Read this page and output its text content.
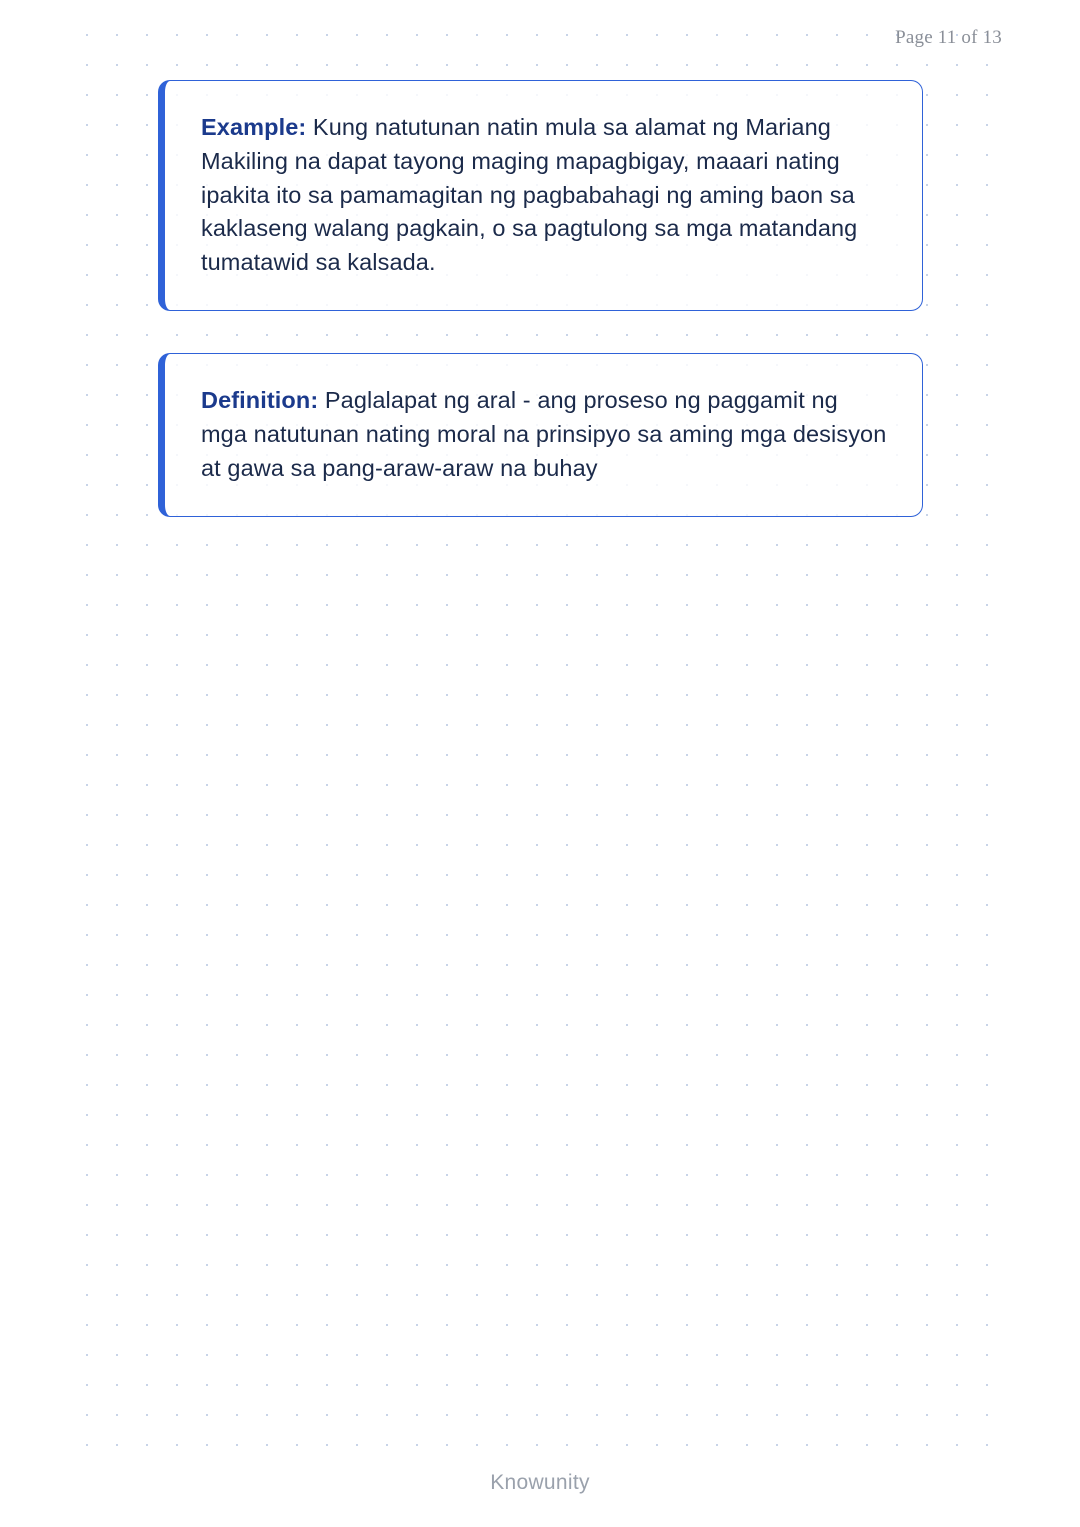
Page 11 of 13

Example: Kung natutunan natin mula sa alamat ng Mariang Makiling na dapat tayong maging mapagbigay, maaari nating ipakita ito sa pamamagitan ng pagbabahagi ng aming baon sa kaklaseng walang pagkain, o sa pagtulong sa mga matandang tumatawid sa kalsada.

Definition: Paglalapat ng aral - ang proseso ng paggamit ng mga natutunan nating moral na prinsipyo sa aming mga desisyon at gawa sa pang-araw-araw na buhay

Knowunity
